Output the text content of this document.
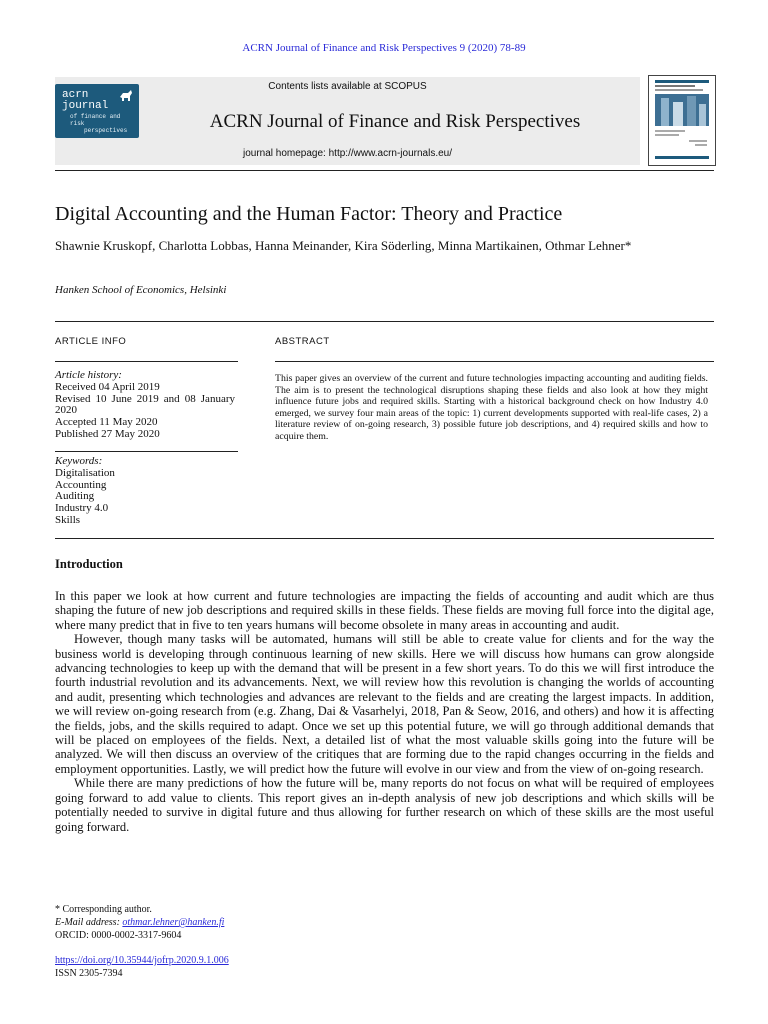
ACRN Journal of Finance and Risk Perspectives 9 (2020) 78-89
acrn
journal
of finance and risk
perspectives
Contents lists available at SCOPUS
ACRN Journal of Finance and Risk Perspectives
journal homepage: http://www.acrn-journals.eu/
Digital Accounting and the Human Factor: Theory and Practice
Shawnie Kruskopf, Charlotta Lobbas, Hanna Meinander, Kira Söderling, Minna Martikainen, Othmar Lehner*
Hanken School of Economics, Helsinki
ARTICLE INFO	ABSTRACT
Article history:
Received 04 April 2019
Revised 10 June 2019 and 08 January 2020
Accepted 11 May 2020
Published 27 May 2020
Keywords:
Digitalisation
Accounting
Auditing
Industry 4.0
Skills
This paper gives an overview of the current and future technologies impacting accounting and auditing fields. The aim is to present the technological disruptions shaping these fields and also look at how they might influence future jobs and required skills. Starting with a historical background check on how Industry 4.0 emerged, we survey four main areas of the topic: 1) current developments supported with real-life cases, 2) a literature review of on-going research, 3) possible future job descriptions, and 4) required skills and how to acquire them.
Introduction

In this paper we look at how current and future technologies are impacting the fields of accounting and audit which are thus shaping the future of new job descriptions and required skills in these fields. These fields are moving full force into the digital age, where many predict that in five to ten years humans will become obsolete in many areas in accounting and audit.

However, though many tasks will be automated, humans will still be able to create value for clients and for the way the business world is developing through continuous learning of new skills. Here we will discuss how humans can grow alongside advancing technologies to keep up with the demand that will be present in a few short years. To do this we will first introduce the fourth industrial revolution and its advancements. Next, we will review how this revolution is changing the worlds of accounting and audit, presenting which technologies and advances are relevant to the fields and are creating the largest impacts. In addition, we will review on-going research from (e.g. Zhang, Dai & Vasarhelyi, 2018, Pan & Seow, 2016, and others) and how it is affecting the fields, jobs, and the skills required to adapt. Once we set up this potential future, we will go through additional demands that will be placed on employees of the fields. Next, a detailed list of what the most valuable skills going into the future will be analyzed. We will then discuss an overview of the critiques that are forming due to the rapid changes occurring in the fields and employment opportunities. Lastly, we will predict how the future will evolve in our view and from the view of on-going research.

While there are many predictions of how the future will be, many reports do not focus on what will be required of employees going forward to add value to clients. This report gives an in-depth analysis of new job descriptions and which skills will be potentially needed to survive in digital future and thus allowing for further research on which of these skills are the most useful going forward.

* Corresponding author.
E-Mail address: othmar.lehner@hanken.fi
ORCID: 0000-0002-3317-9604
https://doi.org/10.35944/jofrp.2020.9.1.006
ISSN 2305-7394
